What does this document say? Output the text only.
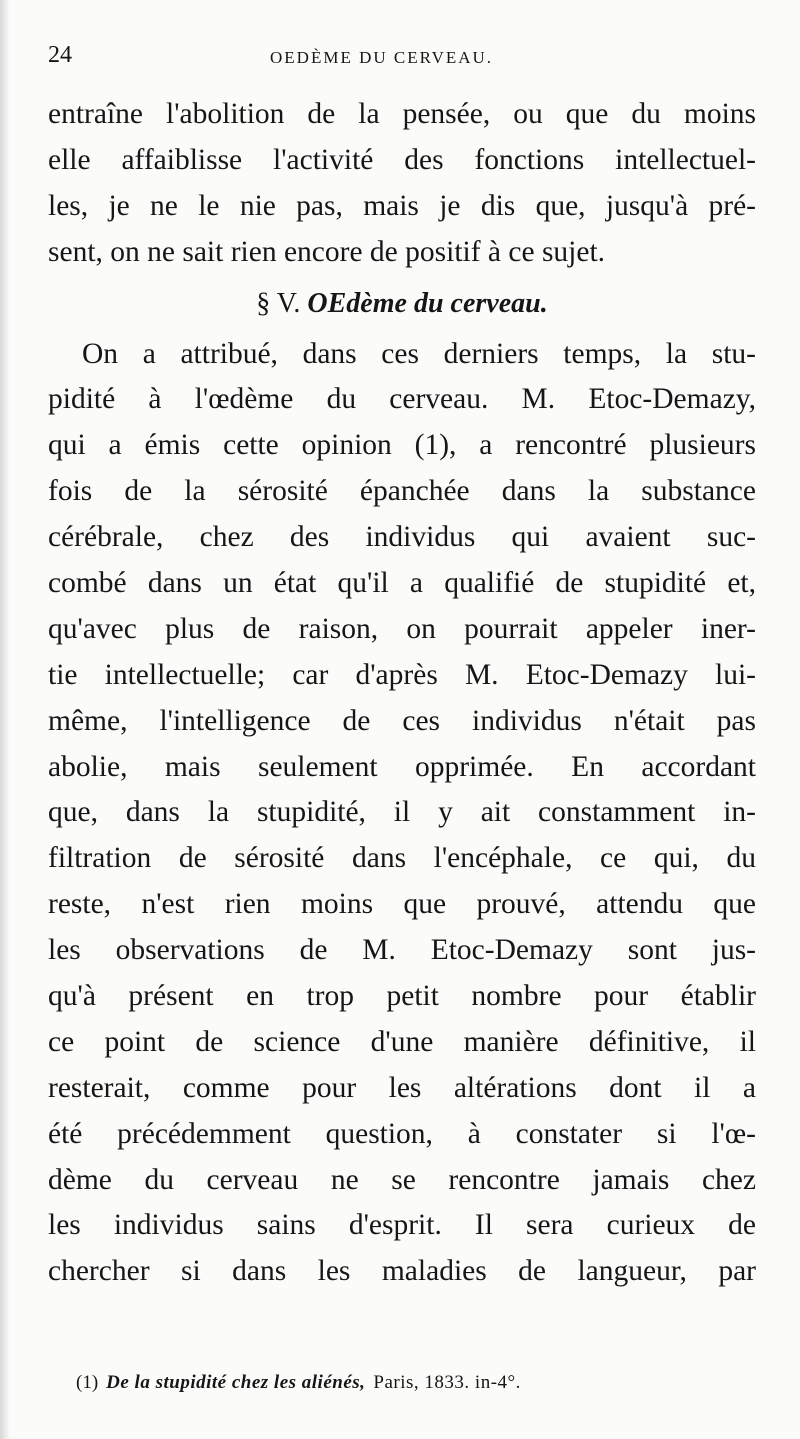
24	OEDÈME DU CERVEAU.
entraîne l'abolition de la pensée, ou que du moins
elle affaiblisse l'activité des fonctions intellectuel-
les, je ne le nie pas, mais je dis que, jusqu'à pré-
sent, on ne sait rien encore de positif à ce sujet.
§ V. OEdème du cerveau.
On a attribué, dans ces derniers temps, la stu-
pidité à l'œdème du cerveau. M. Etoc-Demazy,
qui a émis cette opinion (1), a rencontré plusieurs
fois de la sérosité épanchée dans la substance
cérébrale, chez des individus qui avaient suc-
combé dans un état qu'il a qualifié de stupidité et,
qu'avec plus de raison, on pourrait appeler iner-
tie intellectuelle; car d'après M. Etoc-Demazy lui-
même, l'intelligence de ces individus n'était pas
abolie, mais seulement opprimée. En accordant
que, dans la stupidité, il y ait constamment in-
filtration de sérosité dans l'encéphale, ce qui, du
reste, n'est rien moins que prouvé, attendu que
les observations de M. Etoc-Demazy sont jus-
qu'à présent en trop petit nombre pour établir
ce point de science d'une manière définitive, il
resterait, comme pour les altérations dont il a
été précédemment question, à constater si l'œ-
dème du cerveau ne se rencontre jamais chez
les individus sains d'esprit. Il sera curieux de
chercher si dans les maladies de langueur, par
(1) De la stupidité chez les aliénés, Paris, 1833. in-4°.
